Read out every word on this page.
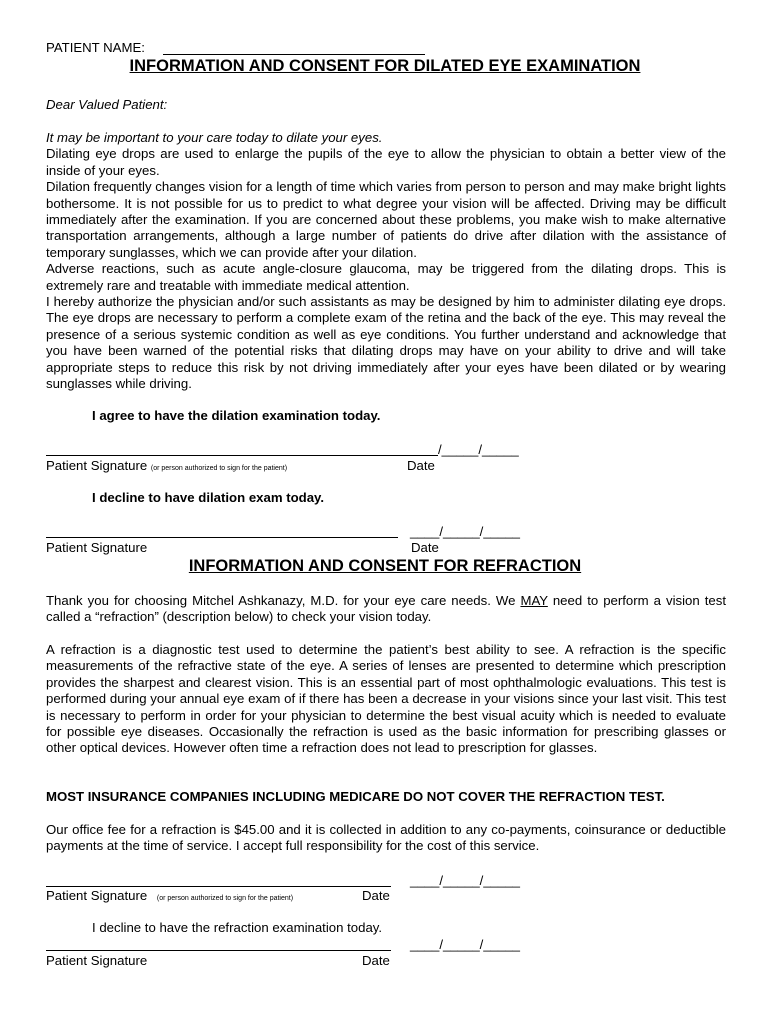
PATIENT NAME:
INFORMATION AND CONSENT FOR DILATED EYE EXAMINATION
Dear Valued Patient:

It may be important to your care today to dilate your eyes.

Dilating eye drops are used to enlarge the pupils of the eye to allow the physician to obtain a better view of the inside of your eyes.

Dilation frequently changes vision for a length of time which varies from person to person and may make bright lights bothersome. It is not possible for us to predict to what degree your vision will be affected. Driving may be difficult immediately after the examination. If you are concerned about these problems, you make wish to make alternative transportation arrangements, although a large number of patients do drive after dilation with the assistance of temporary sunglasses, which we can provide after your dilation.

Adverse reactions, such as acute angle-closure glaucoma, may be triggered from the dilating drops. This is extremely rare and treatable with immediate medical attention.

I hereby authorize the physician and/or such assistants as may be designed by him to administer dilating eye drops. The eye drops are necessary to perform a complete exam of the retina and the back of the eye. This may reveal the presence of a serious systemic condition as well as eye conditions. You further understand and acknowledge that you have been warned of the potential risks that dilating drops may have on your ability to drive and will take appropriate steps to reduce this risk by not driving immediately after your eyes have been dilated or by wearing sunglasses while driving.

I agree to have the dilation examination today.
/_____/_____
Patient Signature (or person authorized to sign for the patient)	Date
I decline to have dilation exam today.
____/_____/_____
Patient Signature	Date
INFORMATION AND CONSENT FOR REFRACTION

Thank you for choosing Mitchel Ashkanazy, M.D. for your eye care needs. We MAY need to perform a vision test called a “refraction” (description below) to check your vision today.

A refraction is a diagnostic test used to determine the patient’s best ability to see. A refraction is the specific measurements of the refractive state of the eye. A series of lenses are presented to determine which prescription provides the sharpest and clearest vision. This is an essential part of most ophthalmologic evaluations. This test is performed during your annual eye exam of if there has been a decrease in your visions since your last visit. This test is necessary to perform in order for your physician to determine the best visual acuity which is needed to evaluate for possible eye diseases. Occasionally the refraction is used as the basic information for prescribing glasses or other optical devices. However often time a refraction does not lead to prescription for glasses.
MOST INSURANCE COMPANIES INCLUDING MEDICARE DO NOT COVER THE REFRACTION TEST.
Our office fee for a refraction is $45.00 and it is collected in addition to any co-payments, coinsurance or deductible payments at the time of service. I accept full responsibility for the cost of this service.
____/_____/_____
Patient Signature (or person authorized to sign for the patient)	Date
I decline to have the refraction examination today.
____/_____/_____
Patient Signature	Date
